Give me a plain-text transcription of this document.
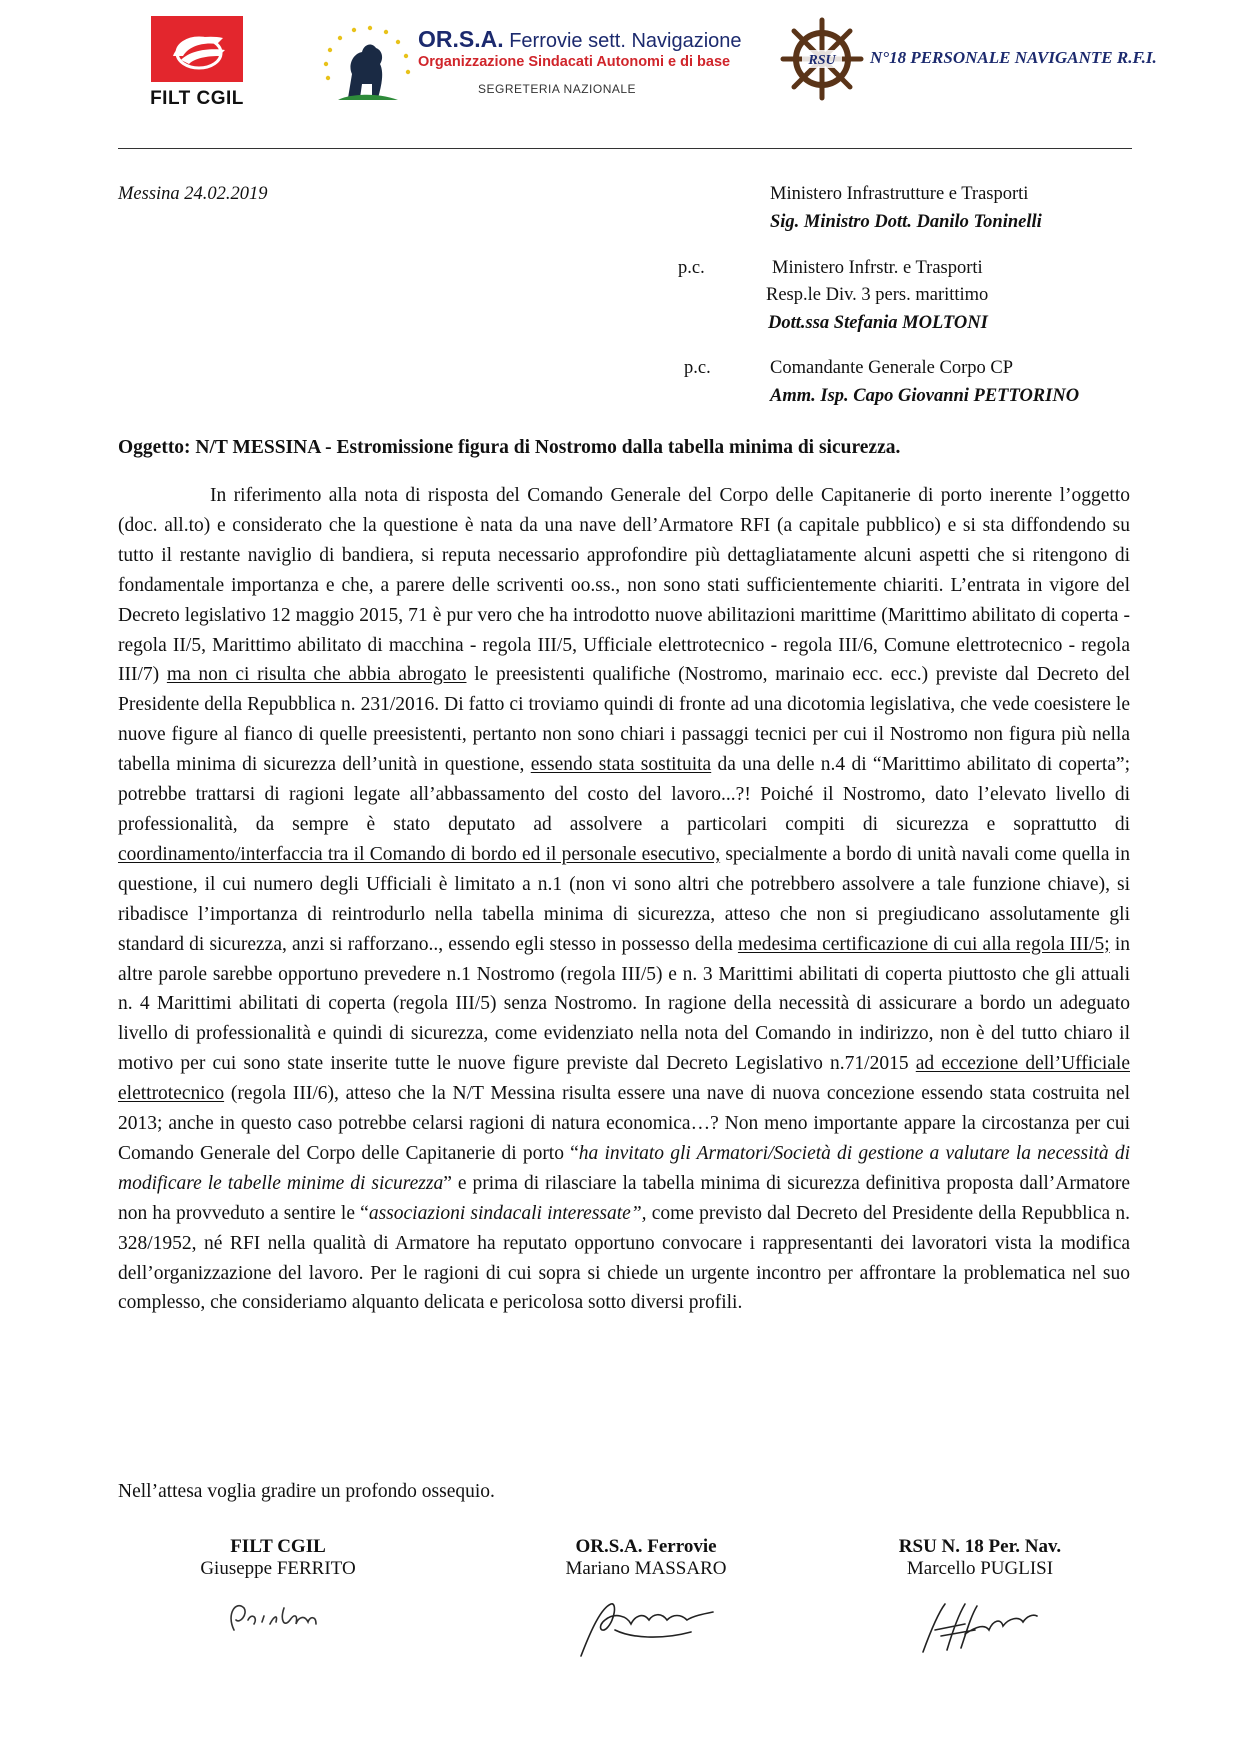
FILT CGIL
OR.S.A. Ferrovie sett. Navigazione
Organizzazione Sindacati Autonomi e di base
SEGRETERIA NAZIONALE
RSU N°18 PERSONALE NAVIGANTE R.F.I.
Messina 24.02.2019	Ministero Infrastrutture e Trasporti
Sig. Ministro Dott. Danilo Toninelli
p.c.	Ministero Infrstr. e Trasporti
Resp.le Div. 3 pers. marittimo
Dott.ssa Stefania MOLTONI
p.c.	Comandante Generale Corpo CP
Amm. Isp. Capo Giovanni PETTORINO
Oggetto: N/T MESSINA - Estromissione figura di Nostromo dalla tabella minima di sicurezza.
In riferimento alla nota di risposta del Comando Generale del Corpo delle Capitanerie di porto inerente l’oggetto (doc. all.to) e considerato che la questione è nata da una nave dell’Armatore RFI (a capitale pubblico) e si sta diffondendo su tutto il restante naviglio di bandiera, si reputa necessario approfondire più dettagliatamente alcuni aspetti che si ritengono di fondamentale importanza e che, a parere delle scriventi oo.ss., non sono stati sufficientemente chiariti. L’entrata in vigore del Decreto legislativo 12 maggio 2015, 71 è pur vero che ha introdotto nuove abilitazioni marittime (Marittimo abilitato di coperta - regola II/5, Marittimo abilitato di macchina - regola III/5, Ufficiale elettrotecnico - regola III/6, Comune elettrotecnico - regola III/7) ma non ci risulta che abbia abrogato le preesistenti qualifiche (Nostromo, marinaio ecc. ecc.) previste dal Decreto del Presidente della Repubblica n. 231/2016. Di fatto ci troviamo quindi di fronte ad una dicotomia legislativa, che vede coesistere le nuove figure al fianco di quelle preesistenti, pertanto non sono chiari i passaggi tecnici per cui il Nostromo non figura più nella tabella minima di sicurezza dell’unità in questione, essendo stata sostituita da una delle n.4 di “Marittimo abilitato di coperta”; potrebbe trattarsi di ragioni legate all’abbassamento del costo del lavoro...?! Poiché il Nostromo, dato l’elevato livello di professionalità, da sempre è stato deputato ad assolvere a particolari compiti di sicurezza e soprattutto di coordinamento/interfaccia tra il Comando di bordo ed il personale esecutivo, specialmente a bordo di unità navali come quella in questione, il cui numero degli Ufficiali è limitato a n.1 (non vi sono altri che potrebbero assolvere a tale funzione chiave), si ribadisce l’importanza di reintrodurlo nella tabella minima di sicurezza, atteso che non si pregiudicano assolutamente gli standard di sicurezza, anzi si rafforzano.., essendo egli stesso in possesso della medesima certificazione di cui alla regola III/5; in altre parole sarebbe opportuno prevedere n.1 Nostromo (regola III/5) e n. 3 Marittimi abilitati di coperta piuttosto che gli attuali n. 4 Marittimi abilitati di coperta (regola III/5) senza Nostromo. In ragione della necessità di assicurare a bordo un adeguato livello di professionalità e quindi di sicurezza, come evidenziato nella nota del Comando in indirizzo, non è del tutto chiaro il motivo per cui sono state inserite tutte le nuove figure previste dal Decreto Legislativo n.71/2015 ad eccezione dell’Ufficiale elettrotecnico (regola III/6), atteso che la N/T Messina risulta essere una nave di nuova concezione essendo stata costruita nel 2013; anche in questo caso potrebbe celarsi ragioni di natura economica…? Non meno importante appare la circostanza per cui Comando Generale del Corpo delle Capitanerie di porto “ha invitato gli Armatori/Società di gestione a valutare la necessità di modificare le tabelle minime di sicurezza” e prima di rilasciare la tabella minima di sicurezza definitiva proposta dall’Armatore non ha provveduto a sentire le “associazioni sindacali interessate”, come previsto dal Decreto del Presidente della Repubblica n. 328/1952, né RFI nella qualità di Armatore ha reputato opportuno convocare i rappresentanti dei lavoratori vista la modifica dell’organizzazione del lavoro. Per le ragioni di cui sopra si chiede un urgente incontro per affrontare la problematica nel suo complesso, che consideriamo alquanto delicata e pericolosa sotto diversi profili.
Nell’attesa voglia gradire un profondo ossequio.
FILT CGIL
Giuseppe FERRITO
OR.S.A. Ferrovie
Mariano MASSARO
RSU N. 18 Per. Nav.
Marcello PUGLISI
